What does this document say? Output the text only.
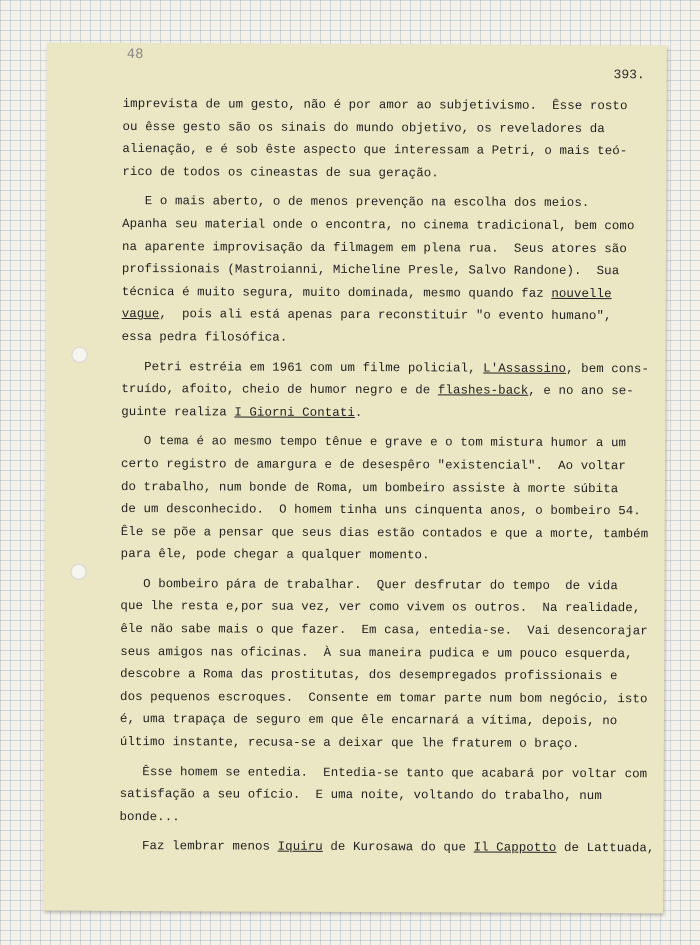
48
393.
imprevista de um gesto, não é por amor ao subjetivismo.  Êsse rosto
ou êsse gesto são os sinais do mundo objetivo, os reveladores da
alienação, e é sob êste aspecto que interessam a Petri, o mais teó-
rico de todos os cineastas de sua geração.
E o mais aberto, o de menos prevenção na escolha dos meios.
Apanha seu material onde o encontra, no cinema tradicional, bem como
na aparente improvisação da filmagem em plena rua.  Seus atores são
profissionais (Mastroianni, Micheline Presle, Salvo Randone).  Sua
técnica é muito segura, muito dominada, mesmo quando faz nouvelle
vague,  pois ali está apenas para reconstituir "o evento humano",
essa pedra filosófica.
Petri estréia em 1961 com um filme policial, L'Assassino, bem cons-
truído, afoito, cheio de humor negro e de flashes-back, e no ano se-
guinte realiza I Giorni Contati.
O tema é ao mesmo tempo tênue e grave e o tom mistura humor a um
certo registro de amargura e de desespêro "existencial".  Ao voltar
do trabalho, num bonde de Roma, um bombeiro assiste à morte súbita
de um desconhecido.  O homem tinha uns cinquenta anos, o bombeiro 54.
Êle se põe a pensar que seus dias estão contados e que a morte, também
para êle, pode chegar a qualquer momento.
O bombeiro pára de trabalhar.  Quer desfrutar do tempo  de vida
que lhe resta e,por sua vez, ver como vivem os outros.  Na realidade,
êle não sabe mais o que fazer.  Em casa, entedia-se.  Vai desencorajar
seus amigos nas oficinas.  À sua maneira pudica e um pouco esquerda,
descobre a Roma das prostitutas, dos desempregados profissionais e
dos pequenos escroques.  Consente em tomar parte num bom negócio, isto
é, uma trapaça de seguro em que êle encarnará a vítima, depois, no
último instante, recusa-se a deixar que lhe fraturem o braço.
Êsse homem se entedia.  Entedia-se tanto que acabará por voltar com
satisfação a seu ofício.  E uma noite, voltando do trabalho, num
bonde...
Faz lembrar menos Iquiru de Kurosawa do que Il Cappotto de Lattuada,
